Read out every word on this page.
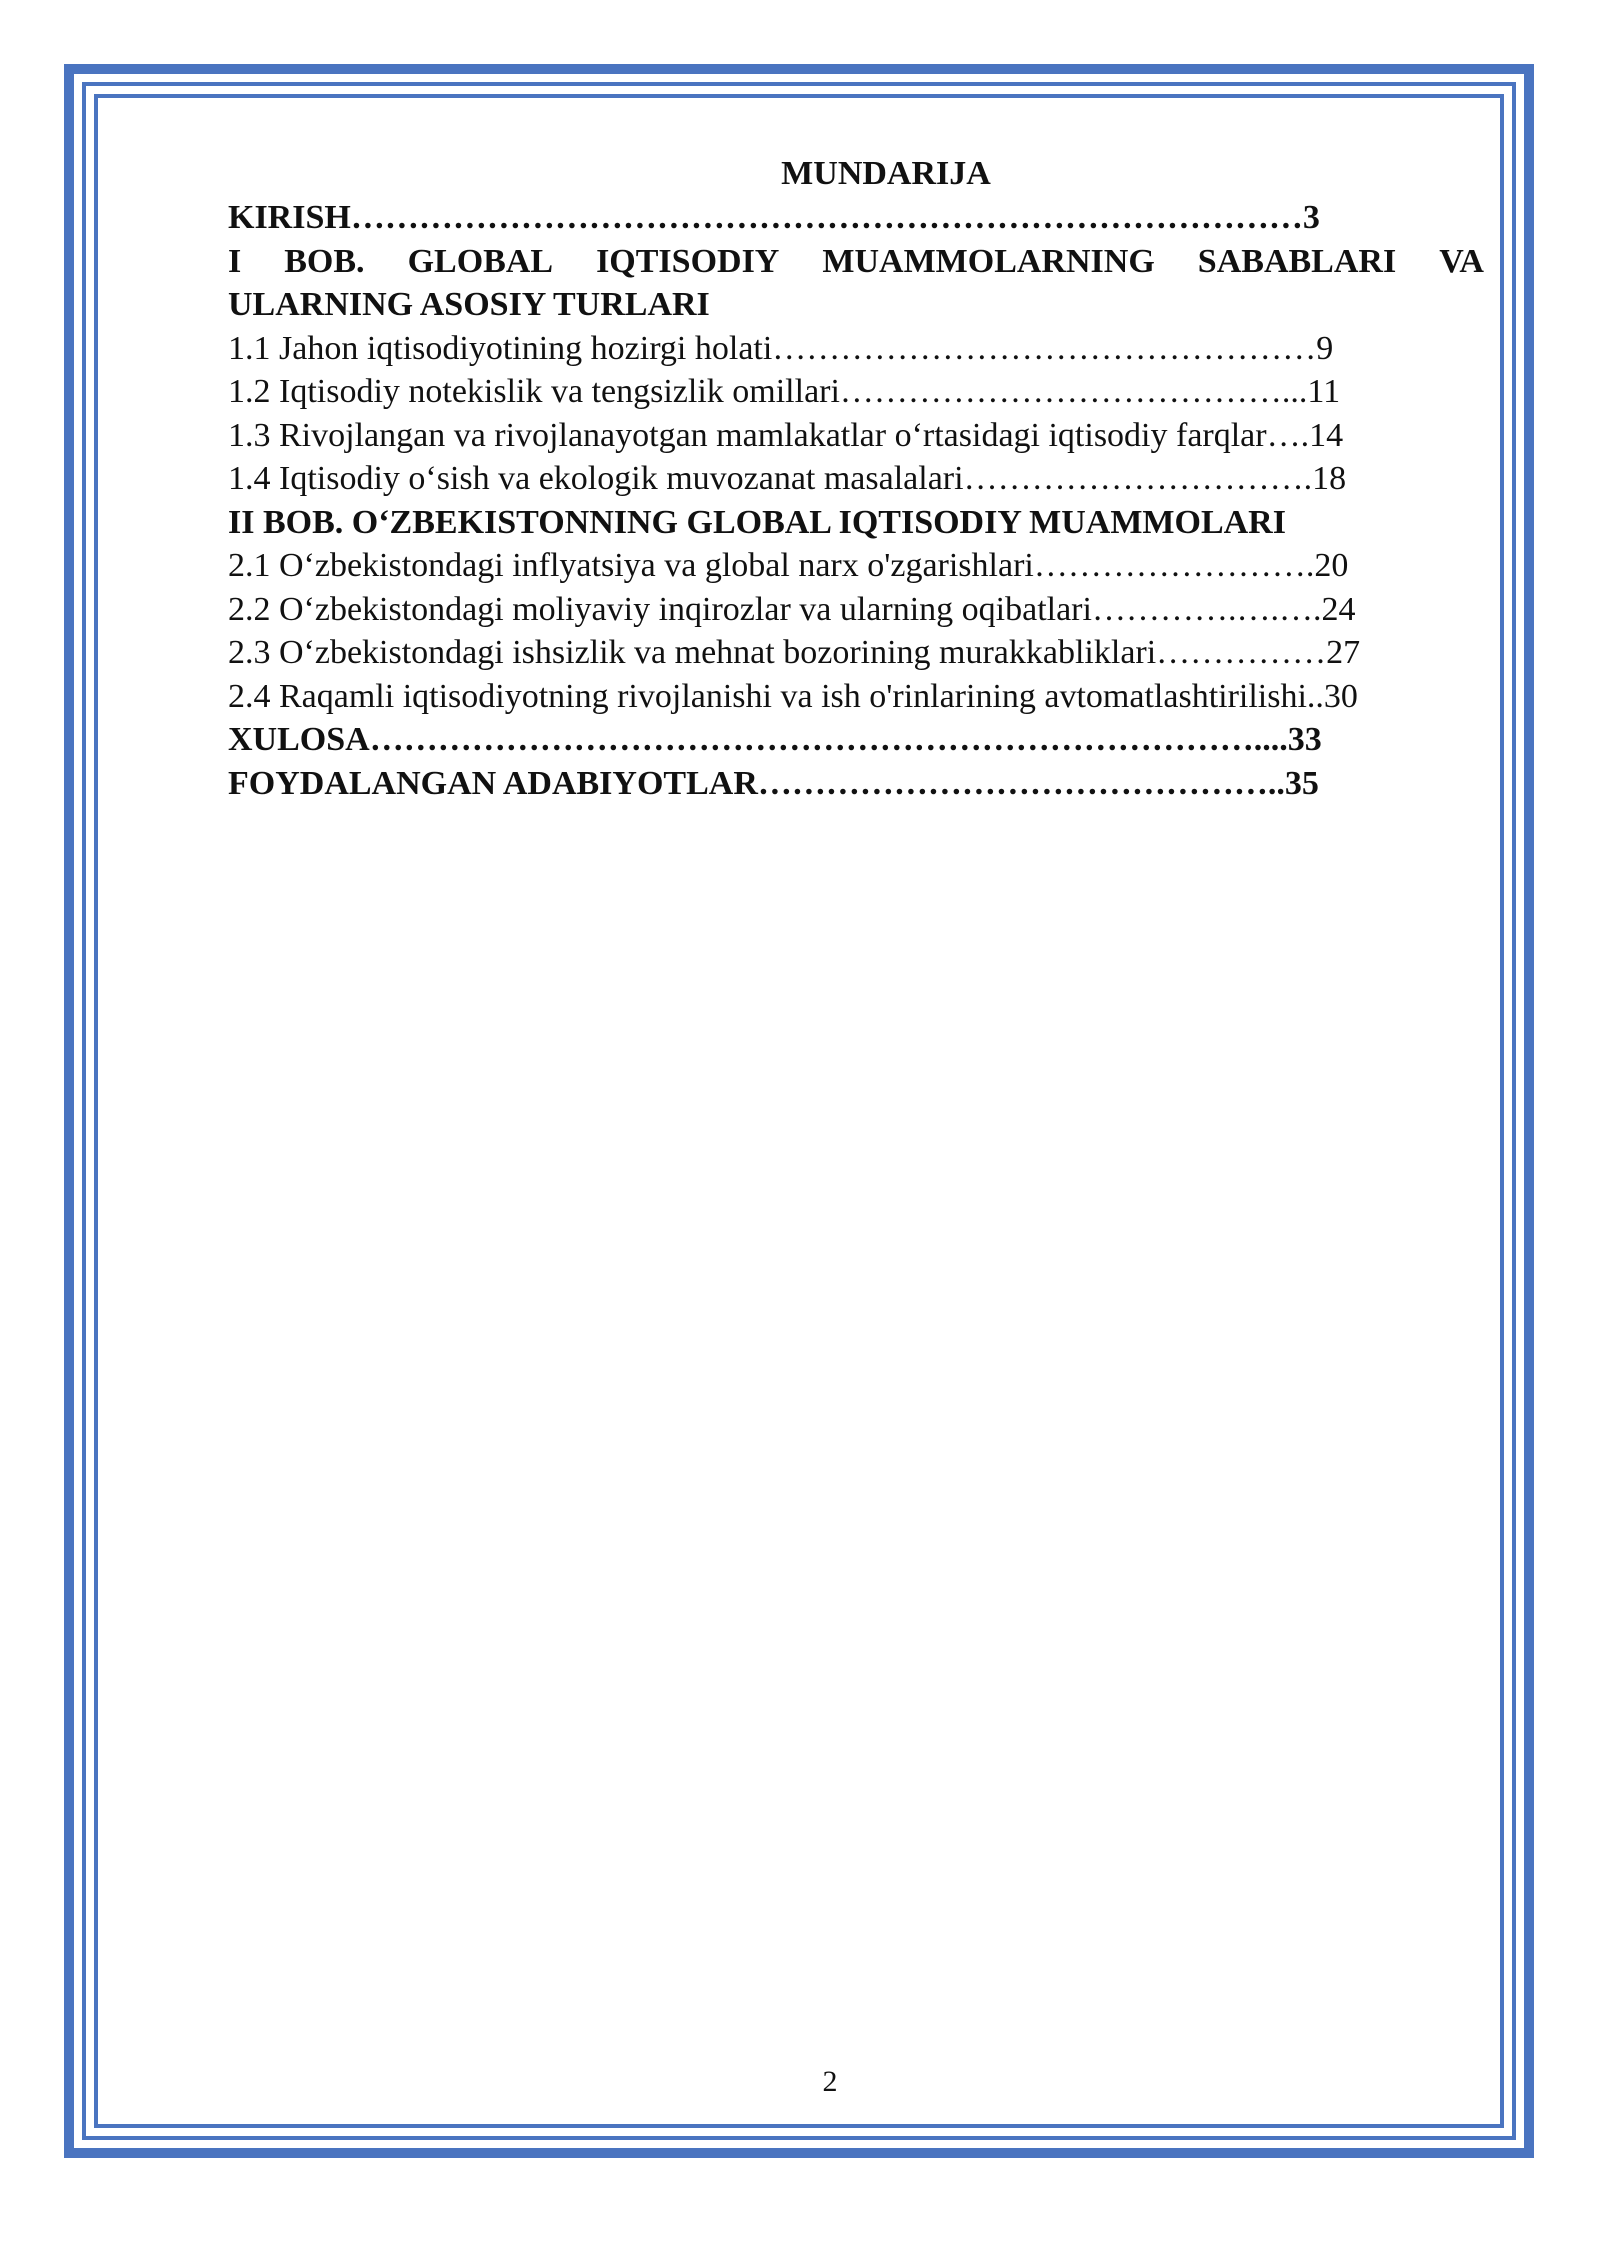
MUNDARIJA
KIRISH…………………………………………………………………………3
I BOB. GLOBAL IQTISODIY MUAMMOLARNING SABABLARI VA
ULARNING ASOSIY TURLARI
1.1 Jahon iqtisodiyotining hozirgi holati…………………………………………9
1.2 Iqtisodiy notekislik va tengsizlik omillari…………………………………...11
1.3 Rivojlangan va rivojlanayotgan mamlakatlar oʻrtasidagi iqtisodiy farqlar….14
1.4 Iqtisodiy oʻsish va ekologik muvozanat masalalari………………………….18
II BOB. OʻZBEKISTONNING GLOBAL IQTISODIY MUAMMOLARI
2.1 Oʻzbekistondagi inflyatsiya va global narx o'zgarishlari…………………….20
2.2 Oʻzbekistondagi moliyaviy inqirozlar va ularning oqibatlari………….….….24
2.3 Oʻzbekistondagi ishsizlik va mehnat bozorining murakkabliklari……………27
2.4 Raqamli iqtisodiyotning rivojlanishi va ish o'rinlarining avtomatlashtirilishi..30
XULOSA……………………………………………………………………....33
FOYDALANGAN ADABIYOTLAR………………………………………..35
2
